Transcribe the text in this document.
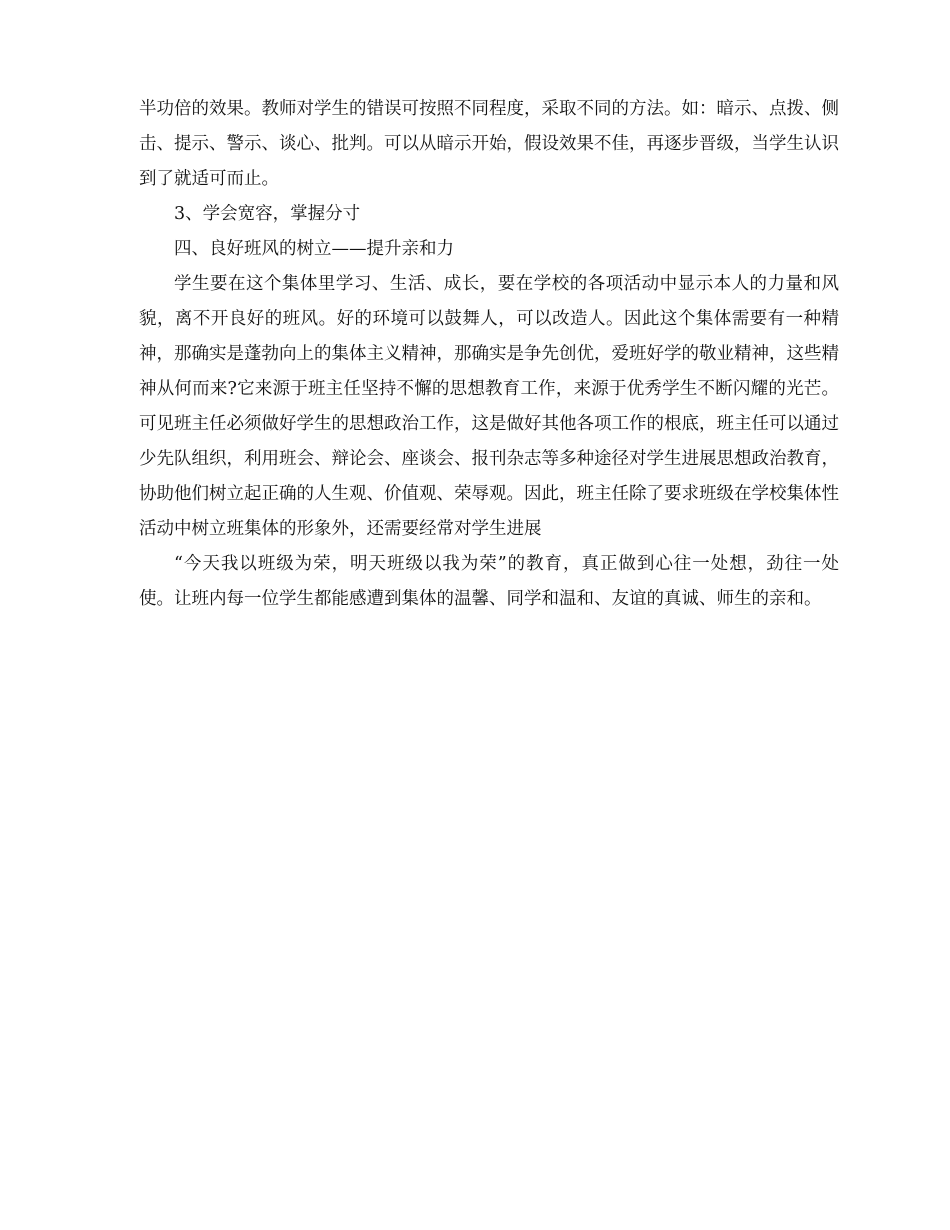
半功倍的效果。教师对学生的错误可按照不同程度，采取不同的方法。如：暗示、点拨、侧击、提示、警示、谈心、批判。可以从暗示开始，假设效果不佳，再逐步晋级，当学生认识到了就适可而止。

3、学会宽容，掌握分寸

四、良好班风的树立——提升亲和力

学生要在这个集体里学习、生活、成长，要在学校的各项活动中显示本人的力量和风貌，离不开良好的班风。好的环境可以鼓舞人，可以改造人。因此这个集体需要有一种精神，那确实是蓬勃向上的集体主义精神，那确实是争先创优，爱班好学的敬业精神，这些精神从何而来?它来源于班主任坚持不懈的思想教育工作，来源于优秀学生不断闪耀的光芒。可见班主任必须做好学生的思想政治工作，这是做好其他各项工作的根底，班主任可以通过少先队组织，利用班会、辩论会、座谈会、报刊杂志等多种途径对学生进展思想政治教育，协助他们树立起正确的人生观、价值观、荣辱观。因此，班主任除了要求班级在学校集体性活动中树立班集体的形象外，还需要经常对学生进展

“今天我以班级为荣，明天班级以我为荣”的教育，真正做到心往一处想，劲往一处使。让班内每一位学生都能感遭到集体的温馨、同学和温和、友谊的真诚、师生的亲和。
